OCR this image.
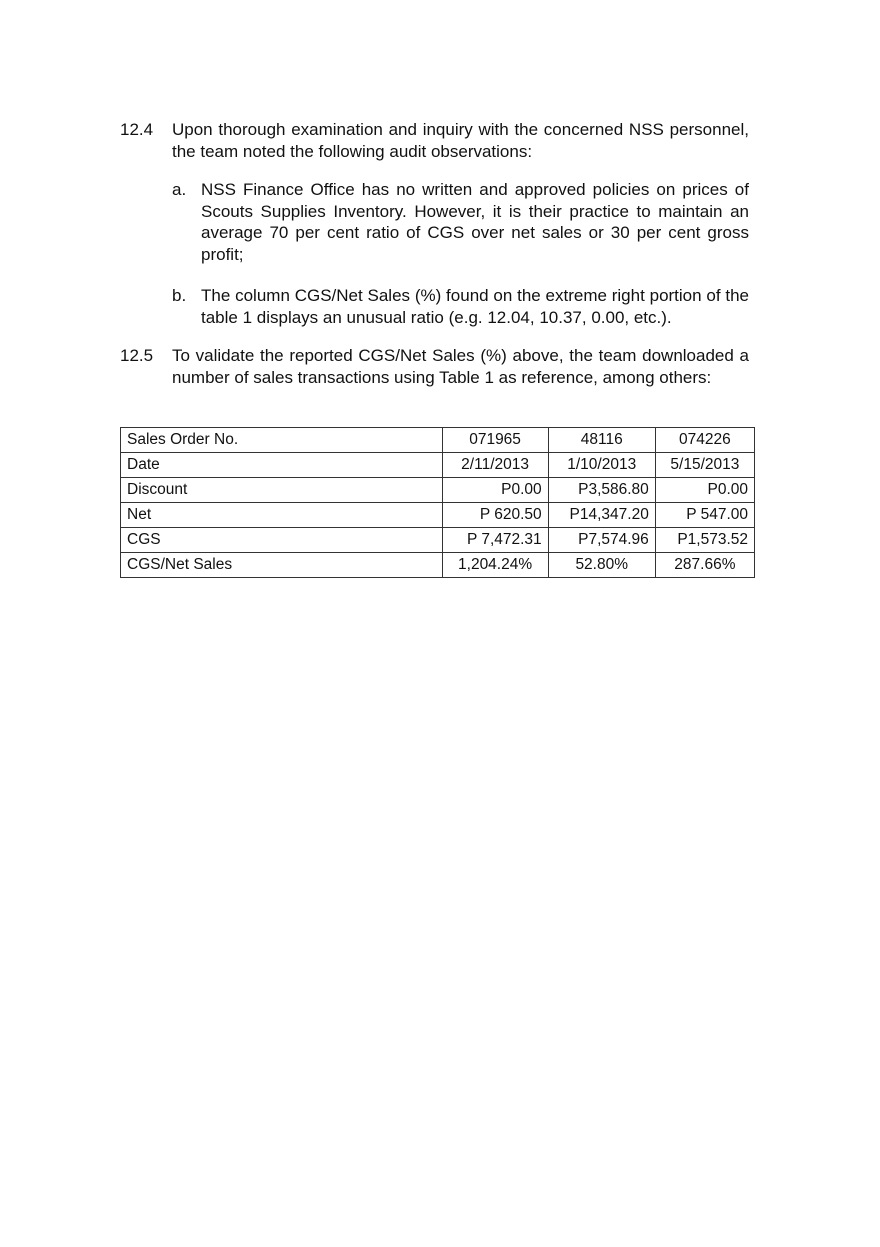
12.4 Upon thorough examination and inquiry with the concerned NSS personnel, the team noted the following audit observations:
a. NSS Finance Office has no written and approved policies on prices of Scouts Supplies Inventory. However, it is their practice to maintain an average 70 per cent ratio of CGS over net sales or 30 per cent gross profit;
b. The column CGS/Net Sales (%) found on the extreme right portion of the table 1 displays an unusual ratio (e.g. 12.04, 10.37, 0.00, etc.).
12.5 To validate the reported CGS/Net Sales (%) above, the team downloaded a number of sales transactions using Table 1 as reference, among others:
Sales Order No.	071965	48116	074226
Date	2/11/2013	1/10/2013	5/15/2013
Discount	P0.00	P3,586.80	P0.00
Net	P 620.50	P14,347.20	P 547.00
CGS	P 7,472.31	P7,574.96	P1,573.52
CGS/Net Sales	1,204.24%	52.80%	287.66%
